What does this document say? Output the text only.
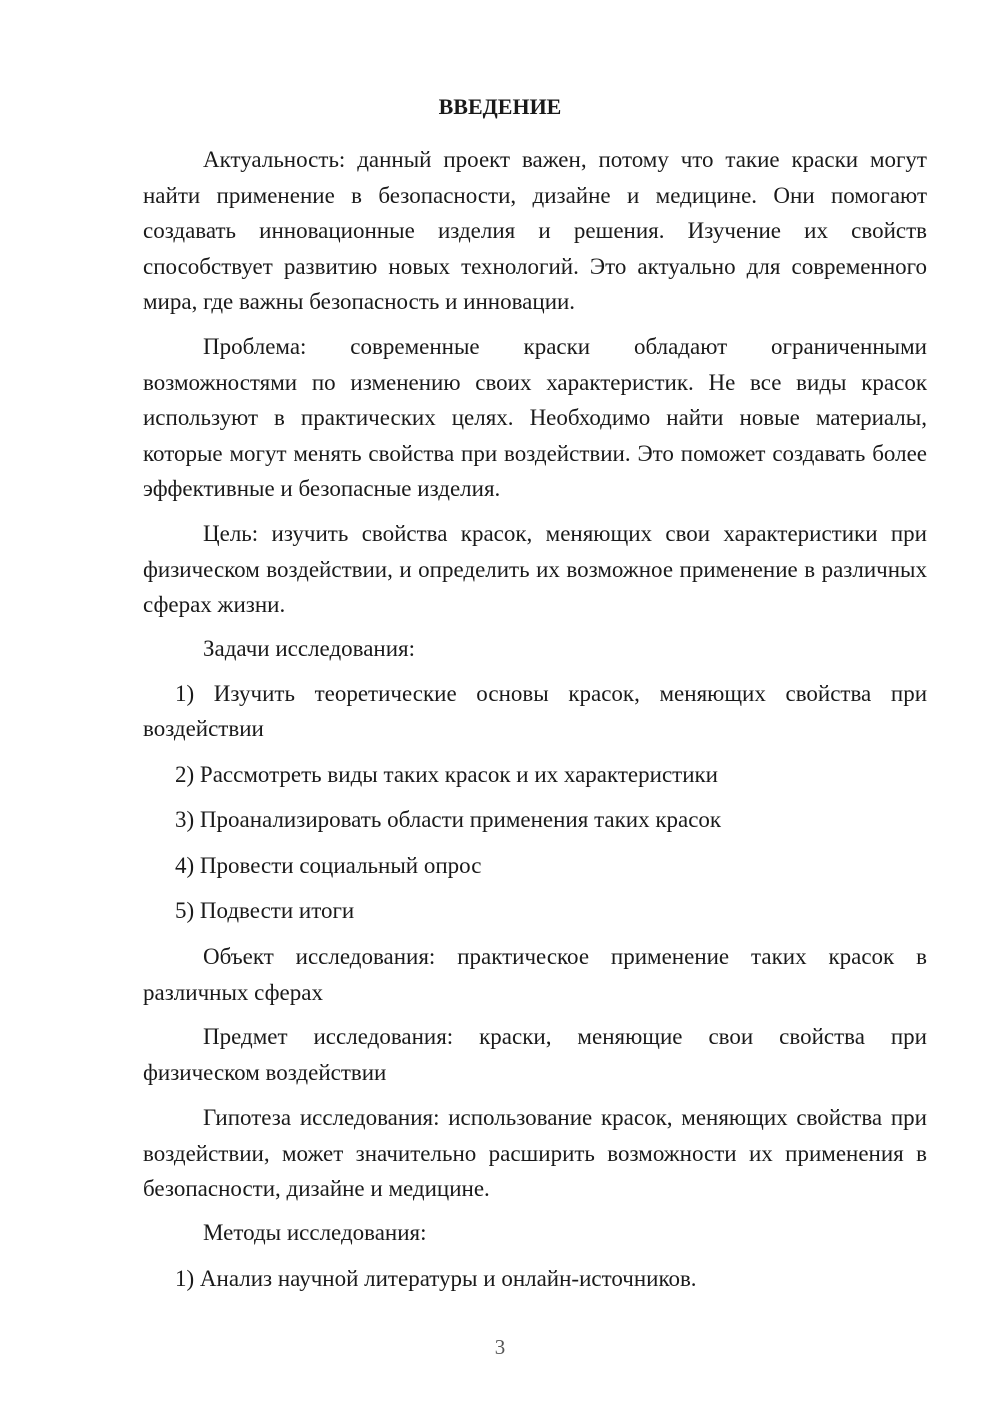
ВВЕДЕНИЕ
Актуальность: данный проект важен, потому что такие краски могут найти применение в безопасности, дизайне и медицине. Они помогают создавать инновационные изделия и решения. Изучение их свойств способствует развитию новых технологий. Это актуально для современного мира, где важны безопасность и инновации.
Проблема: современные краски обладают ограниченными возможностями по изменению своих характеристик. Не все виды красок используют в практических целях. Необходимо найти новые материалы, которые могут менять свойства при воздействии. Это поможет создавать более эффективные и безопасные изделия.
Цель: изучить свойства красок, меняющих свои характеристики при физическом воздействии, и определить их возможное применение в различных сферах жизни.
Задачи исследования:
1) Изучить теоретические основы красок, меняющих свойства при
воздействии
2) Рассмотреть виды таких красок и их характеристики
3) Проанализировать области применения таких красок
4) Провести социальный опрос
5) Подвести итоги
Объект исследования: практическое применение таких красок в различных сферах
Предмет исследования: краски, меняющие свои свойства при физическом воздействии
Гипотеза исследования: использование красок, меняющих свойства при воздействии, может значительно расширить возможности их применения в безопасности, дизайне и медицине.
Методы исследования:
1) Анализ научной литературы и онлайн-источников.
3
